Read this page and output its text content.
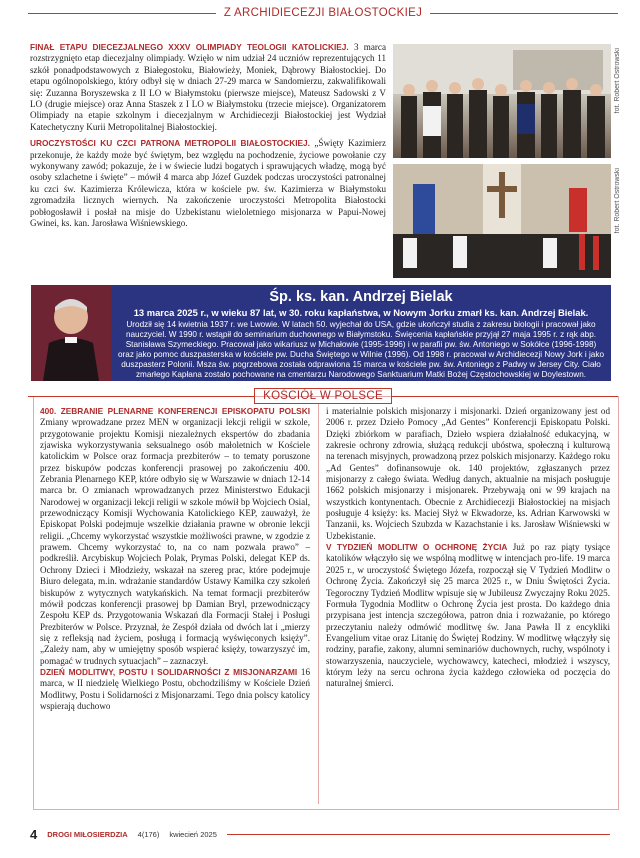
Z ARCHIDIECEZJI BIAŁOSTOCKIEJ

FINAŁ ETAPU DIECEZJALNEGO XXXV OLIMPIADY TEOLOGII KATOLICKIEJ. 3 marca rozstrzygnięto etap diecezjalny olimpiady. Wzięło w nim udział 24 uczniów reprezentujących 11 szkół ponadpodstawowych z Białegostoku, Białowieży, Moniek, Dąbrowy Białostockiej. Do etapu ogólnopolskiego, który odbył się w dniach 27-29 marca w Sandomierzu, zakwalifikowali się: Zuzanna Boryszewska z II LO w Białymstoku (pierwsze miejsce), Mateusz Sadowski z V LO (drugie miejsce) oraz Anna Staszek z I LO w Białymstoku (trzecie miejsce). Organizatorem Olimpiady na etapie szkolnym i diecezjalnym w Archidiecezji Białostockiej jest Wydział Katechetyczny Kurii Metropolitalnej Białostockiej.

UROCZYSTOŚCI KU CZCI PATRONA METROPOLII BIAŁOSTOCKIEJ. „Święty Kazimierz przekonuje, że każdy może być świętym, bez względu na pochodzenie, życiowe powołanie czy wykonywany zawód; pokazuje, że i w świecie ludzi bogatych i sprawujących władzę, mogą być osoby szlachetne i święte” – mówił 4 marca abp Józef Guzdek podczas uroczystości patronalnej ku czci św. Kazimierza Królewicza, która w kościele pw. św. Kazimierza w Białymstoku zgromadziła licznych wiernych. Na zakończenie uroczystości Metropolita Białostocki pobłogosławił i posłał na misje do Uzbekistanu wieloletniego misjonarza w Papui-Nowej Gwinei, ks. kan. Jarosława Wiśniewskiego.

fot. Robert Ostrowski
fot. Robert Ostrowski
Śp. ks. kan. Andrzej Bielak
13 marca 2025 r., w wieku 87 lat, w 30. roku kapłaństwa, w Nowym Jorku zmarł ks. kan. Andrzej Bielak.
Urodził się 14 kwietnia 1937 r. we Lwowie. W latach 50. wyjechał do USA, gdzie ukończył studia z zakresu biologii i pracował jako nauczyciel. W 1990 r. wstąpił do seminarium duchownego w Białymstoku. Święcenia kapłańskie przyjął 27 maja 1995 r. z rąk abp. Stanisława Szymeckiego. Pracował jako wikariusz w Michałowie (1995-1996) i w parafii pw. św. Antoniego w Sokółce (1996-1998) oraz jako pomoc duszpasterska w kościele pw. Ducha Świętego w Wilnie (1996). Od 1998 r. pracował w Archidiecezji Nowy Jork i jako duszpasterz Polonii. Msza św. pogrzebowa została odprawiona 15 marca w kościele pw. św. Antoniego z Padwy w Jersey City. Ciało zmarłego Kapłana zostało pochowane na cmentarzu Narodowego Sanktuarium Matki Bożej Częstochowskiej w Doylestown.
KOŚCIÓŁ W POLSCE

400. ZEBRANIE PLENARNE KONFERENCJI EPISKOPATU POLSKI Zmiany wprowadzane przez MEN w organizacji lekcji religii w szkole, przygotowanie projektu Komisji niezależnych ekspertów do zbadania zjawiska wykorzystywania seksualnego osób małoletnich w Kościele katolickim w Polsce oraz formacja prezbiterów – to tematy poruszone przez biskupów podczas konferencji prasowej po zakończeniu 400. Zebrania Plenarnego KEP, które odbyło się w Warszawie w dniach 12-14 marca br. O zmianach wprowadzanych przez Ministerstwo Edukacji Narodowej w organizacji lekcji religii w szkole mówił bp Wojciech Osial, przewodniczący Komisji Wychowania Katolickiego KEP, zauważył, że Episkopat Polski podejmuje wszelkie działania prawne w obronie lekcji religii. „Chcemy wykorzystać wszystkie możliwości prawne, w zgodzie z prawem. Chcemy wykorzystać to, na co nam pozwala prawo” – podkreślił. Arcybiskup Wojciech Polak, Prymas Polski, delegat KEP ds. Ochrony Dzieci i Młodzieży, wskazał na szereg prac, które podejmuje Biuro delegata, m.in. wdrażanie standardów Ustawy Kamilka czy szkoleń biskupów z wytycznych watykańskich. Na temat formacji prezbiterów mówił podczas konferencji prasowej bp Damian Bryl, przewodniczący Zespołu KEP ds. Przygotowania Wskazań dla Formacji Stałej i Posługi Prezbiterów w Polsce. Przyznał, że Zespół działa od dwóch lat i „mierzy się z refleksją nad życiem, posługą i formacją wyświęconych księży”. „Zależy nam, aby w umiejętny sposób wspierać księży, towarzyszyć im, pomagać w trudnych sytuacjach” – zaznaczył.

DZIEŃ MODLITWY, POSTU I SOLIDARNOŚCI Z MISJONARZAMI 16 marca, w II niedzielę Wielkiego Postu, obchodziliśmy w Kościele Dzień Modlitwy, Postu i Solidarności z Misjonarzami. Tego dnia polscy katolicy wspierają duchowo

i materialnie polskich misjonarzy i misjonarki. Dzień organizowany jest od 2006 r. przez Dzieło Pomocy „Ad Gentes” Konferencji Episkopatu Polski. Dzięki zbiórkom w parafiach, Dzieło wspiera działalność edukacyjną, w zakresie ochrony zdrowia, służącą redukcji ubóstwa, społeczną i kulturową na terenach misyjnych, prowadzoną przez polskich misjonarzy. Każdego roku „Ad Gentes” dofinansowuje ok. 140 projektów, zgłaszanych przez misjonarzy z całego świata. Według danych, aktualnie na misjach posługuje 1662 polskich misjonarzy i misjonarek. Przebywają oni w 99 krajach na wszystkich kontynentach. Obecnie z Archidiecezji Białostockiej na misjach posługuje 4 księży: ks. Maciej Słyż w Ekwadorze, ks. Adrian Karwowski w Tanzanii, ks. Wojciech Szubzda w Kazachstanie i ks. Jarosław Wiśniewski w Uzbekistanie.

V TYDZIEŃ MODLITW O OCHRONĘ ŻYCIA Już po raz piąty tysiące katolików włączyło się we wspólną modlitwę w intencjach pro-life. 19 marca 2025 r., w uroczystość Świętego Józefa, rozpoczął się V Tydzień Modlitw o Ochronę Życia. Zakończył się 25 marca 2025 r., w Dniu Świętości Życia. Tegoroczny Tydzień Modlitw wpisuje się w Jubileusz Zwyczajny Roku 2025. Formuła Tygodnia Modlitw o Ochronę Życia jest prosta. Do każdego dnia przypisana jest intencja szczegółowa, patron dnia i rozważanie, po którego przeczytaniu należy odmówić modlitwę św. Jana Pawła II z encykliki Evangelium vitae oraz Litanię do Świętej Rodziny. W modlitwę włączyły się rodziny, parafie, zakony, alumni seminariów duchownych, ruchy, wspólnoty i stowarzyszenia, nauczyciele, wychowawcy, katecheci, młodzież i wszyscy, którym leży na sercu ochrona życia każdego człowieka od poczęcia do naturalnej śmierci.

4 DROGI MIŁOSIERDZIA 4(176) kwiecień 2025
